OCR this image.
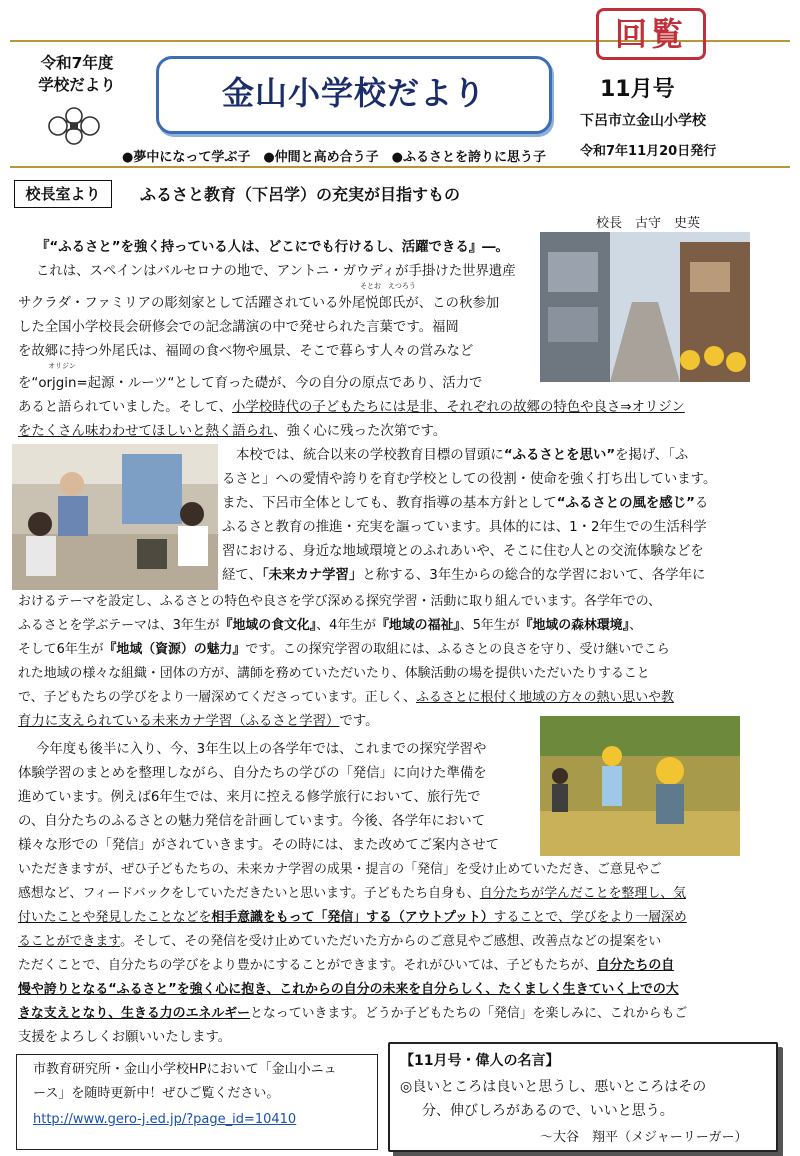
令和7年度
学校だより	金山小学校だより
回覧
11月号
下呂市立金山小学校
令和7年11月20日発行
●夢中になって学ぶ子　●仲間と高め合う子　●ふるさとを誇りに思う子
校長室より	ふるさと教育（下呂学）の充実が目指すもの
校長　古守　史英
『“ふるさと”を強く持っている人は、どこにでも行けるし、活躍できる』―。
これは、スペインはバルセロナの地で、アントニ・ガウディが手掛けた世界遺産
サクラダ・ファミリアの彫刻家として活躍されている外尾悦郎氏が、この秋参加
そとお　えつろう
した全国小学校長会研修会での記念講演の中で発せられた言葉です。福岡
を故郷に持つ外尾氏は、福岡の食べ物や風景、そこで暮らす人々の営みなど
を“orjgin=起源・ルーツ“として育った礎が、今の自分の原点であり、活力で
オリジン
あると語られていました。そして、小学校時代の子どもたちには是非、それぞれの故郷の特色や良さ⇒オリジン
をたくさん味わわせてほしいと熱く語られ、強く心に残った次第です。
本校では、統合以来の学校教育目標の冒頭に“ふるさとを思い”を掲げ、「ふ
るさと」への愛情や誇りを育む学校としての役割・使命を強く打ち出しています。
また、下呂市全体としても、教育指導の基本方針として“ふるさとの風を感じ”る
ふるさと教育の推進・充実を謳っています。具体的には、1・2年生での生活科学
習における、身近な地域環境とのふれあいや、そこに住む人との交流体験などを
経て、「未来カナ学習」と称する、3年生からの総合的な学習において、各学年に
おけるテーマを設定し、ふるさとの特色や良さを学び深める探究学習・活動に取り組んでいます。各学年での、
ふるさとを学ぶテーマは、3年生が『地域の食文化』、4年生が『地域の福祉』、5年生が『地域の森林環境』、
そして6年生が『地域（資源）の魅力』です。この探究学習の取組には、ふるさとの良さを守り、受け継いでこら
れた地域の様々な組織・団体の方が、講師を務めていただいたり、体験活動の場を提供いただいたりすること
で、子どもたちの学びをより一層深めてくださっています。正しく、ふるさとに根付く地域の方々の熱い思いや教
育力に支えられている未来カナ学習（ふるさと学習）です。
今年度も後半に入り、今、3年生以上の各学年では、これまでの探究学習や
体験学習のまとめを整理しながら、自分たちの学びの「発信」に向けた準備を
進めています。例えば6年生では、来月に控える修学旅行において、旅行先で
の、自分たちのふるさとの魅力発信を計画しています。今後、各学年において
様々な形での「発信」がされていきます。その時には、また改めてご案内させて
いただきますが、ぜひ子どもたちの、未来カナ学習の成果・提言の「発信」を受け止めていただき、ご意見やご
感想など、フィードバックをしていただきたいと思います。子どもたち自身も、自分たちが学んだことを整理し、気
付いたことや発見したことなどを相手意識をもって「発信」する（アウトプット）することで、学びをより一層深め
ることができます。そして、その発信を受け止めていただいた方からのご意見やご感想、改善点などの提案をい
ただくことで、自分たちの学びをより豊かにすることができます。それがひいては、子どもたちが、自分たちの自
慢や誇りとなる“ふるさと”を強く心に抱き、これからの自分の未来を自分らしく、たくましく生きていく上での大
きな支えとなり、生きる力のエネルギーとなっていきます。どうか子どもたちの「発信」を楽しみに、これからもご
支援をよろしくお願いいたします。
市教育研究所・金山小学校HPにおいて「金山小ニュ
ース」を随時更新中！ぜひご覧ください。
http://www.gero-j.ed.jp/?page_id=10410
【11月号・偉人の名言】
◎良いところは良いと思うし、悪いところはその
分、伸びしろがあるので、いいと思う。
～大谷　翔平（メジャーリーガー）
